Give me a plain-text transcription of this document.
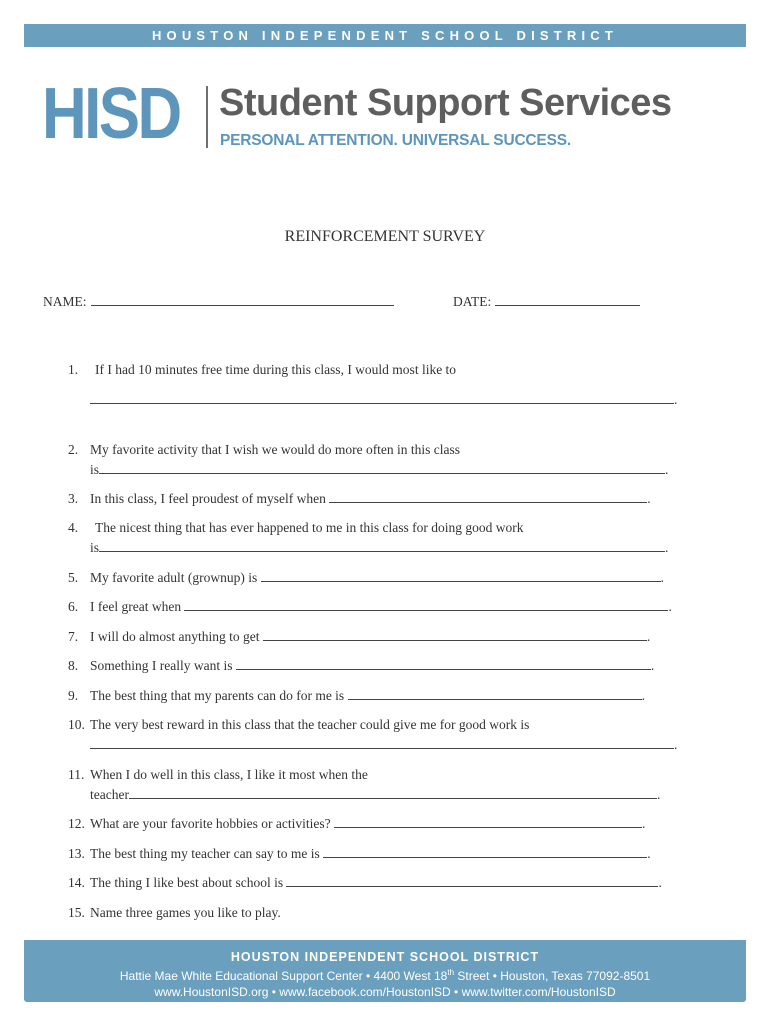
HOUSTON INDEPENDENT SCHOOL DISTRICT
HISD Student Support Services
PERSONAL ATTENTION. UNIVERSAL SUCCESS.
REINFORCEMENT SURVEY
NAME:	DATE:
1.	If I had 10 minutes free time during this class, I would most like to
.
2. My favorite activity that I wish we would do more often in this class
is	.
3. In this class, I feel proudest of myself when	.
4.	The nicest thing that has ever happened to me in this class for doing good work
is	.
5. My favorite adult (grownup) is	.
6. I feel great when	.
7. I will do almost anything to get	.
8. Something I really want is	.
9. The best thing that my parents can do for me is	.
10. The very best reward in this class that the teacher could give me for good work is
.
11. When I do well in this class, I like it most when the
teacher	.
12. What are your favorite hobbies or activities?	.
13. The best thing my teacher can say to me is	.
14. The thing I like best about school is	.
15. Name three games you like to play.
HOUSTON INDEPENDENT SCHOOL DISTRICT
Hattie Mae White Educational Support Center • 4400 West 18th Street • Houston, Texas 77092-8501
www.HoustonISD.org • www.facebook.com/HoustonISD • www.twitter.com/HoustonISD
